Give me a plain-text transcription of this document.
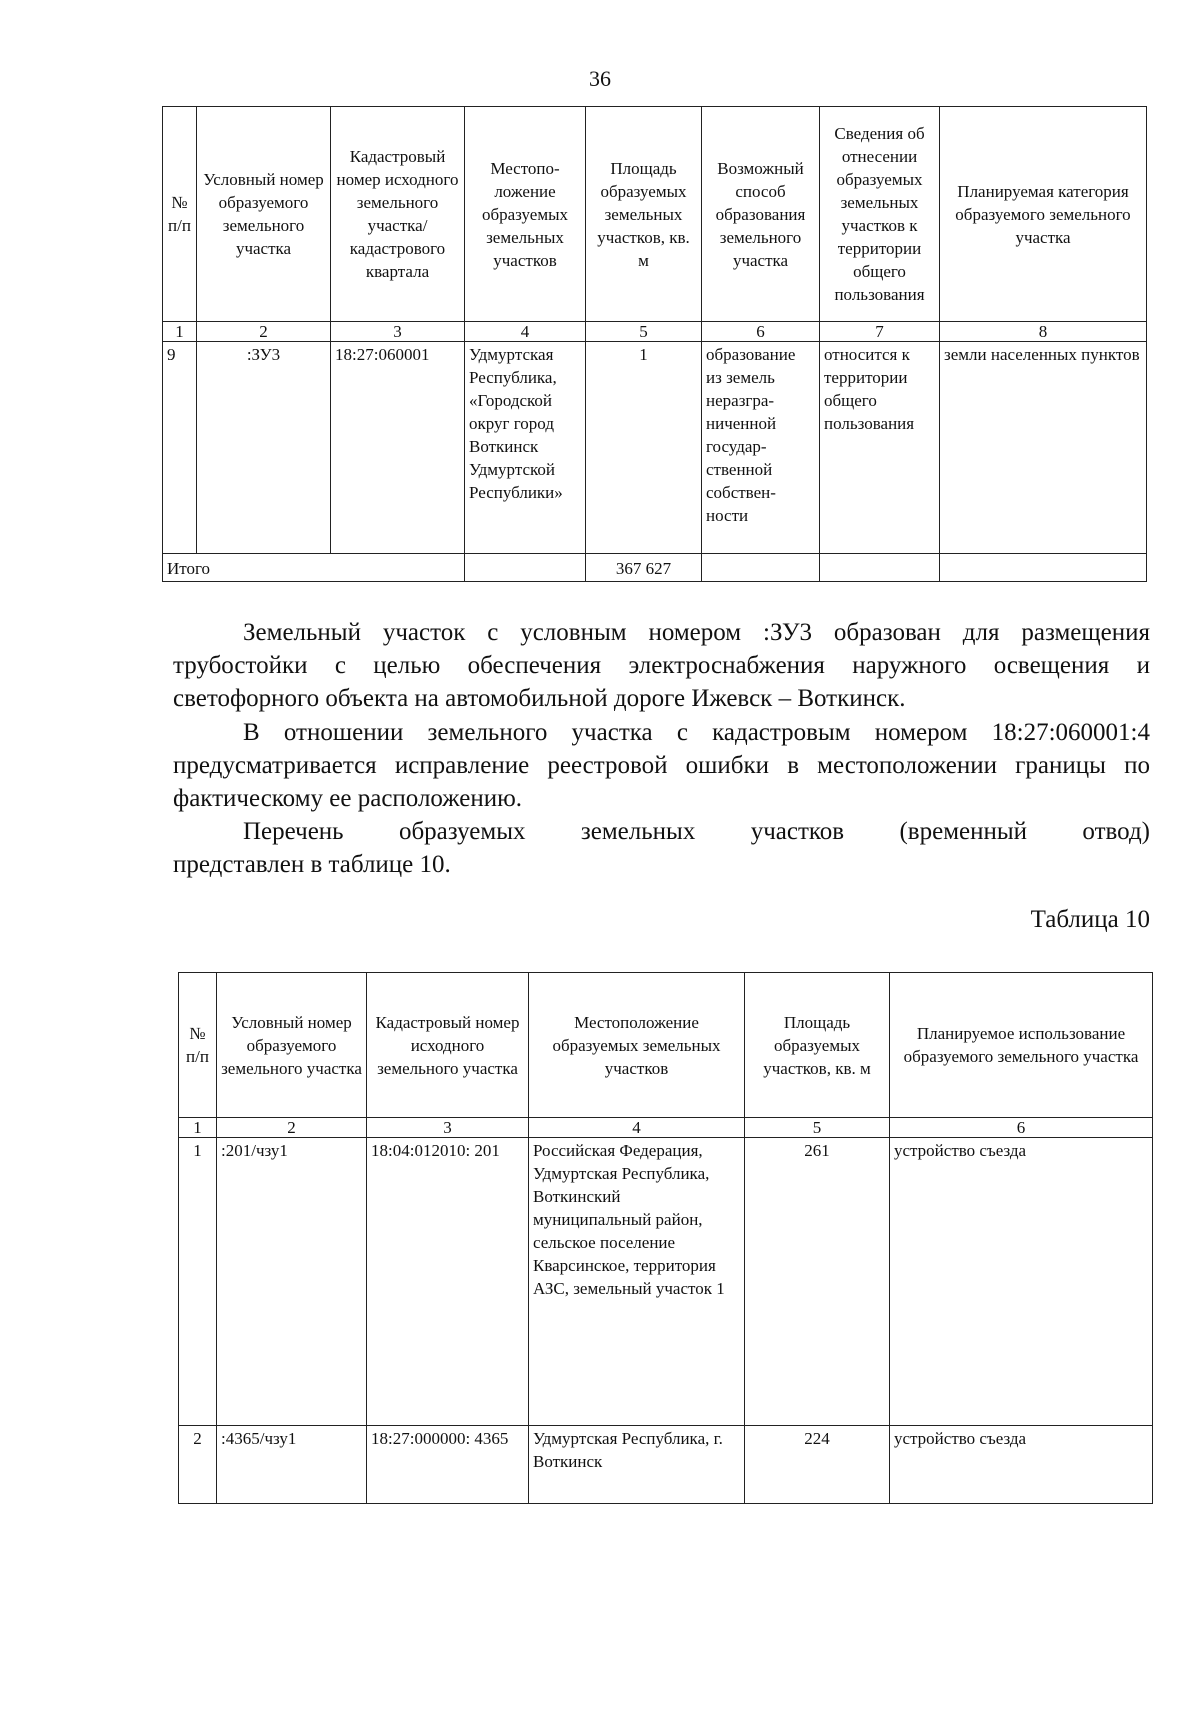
36
№ п/п	Условный номер образуемого земельного участка	Кадастровый номер исходного земельного участка/ кадастрового квартала	Местопо-ложение образуемых земельных участков	Площадь образуемых земельных участков, кв. м	Возможный способ образования земельного участка	Сведения об отнесении образуемых земельных участков к территории общего пользования	Планируемая категория образуемого земельного участка
1	2	3	4	5	6	7	8
9	:ЗУ3	18:27:060001	Удмуртская Республика, «Городской округ город Воткинск Удмуртской Республики»	1	образование из земель неразгра-ниченной государ-ственной собствен-ности	относится к территории общего пользования	земли населенных пунктов
Итого				367 627			
Земельный участок с условным номером :ЗУ3 образован для размещения трубостойки с целью обеспечения электроснабжения наружного освещения и светофорного объекта на автомобильной дороге Ижевск – Воткинск.
В отношении земельного участка с кадастровым номером 18:27:060001:4 предусматривается исправление реестровой ошибки в местоположении границы по фактическому ее расположению.
Перечень образуемых земельных участков (временный отвод)
представлен в таблице 10.
Таблица 10
№ п/п	Условный номер образуемого земельного участка	Кадастровый номер исходного земельного участка	Местоположение образуемых земельных участков	Площадь образуемых участков, кв. м	Планируемое использование образуемого земельного участка
1	2	3	4	5	6
1	:201/чзу1	18:04:012010: 201	Российская Федерация, Удмуртская Республика, Воткинский муниципальный район, сельское поселение Кварсинское, территория АЗС, земельный участок 1	261	устройство съезда
2	:4365/чзу1	18:27:000000: 4365	Удмуртская Республика, г. Воткинск	224	устройство съезда
